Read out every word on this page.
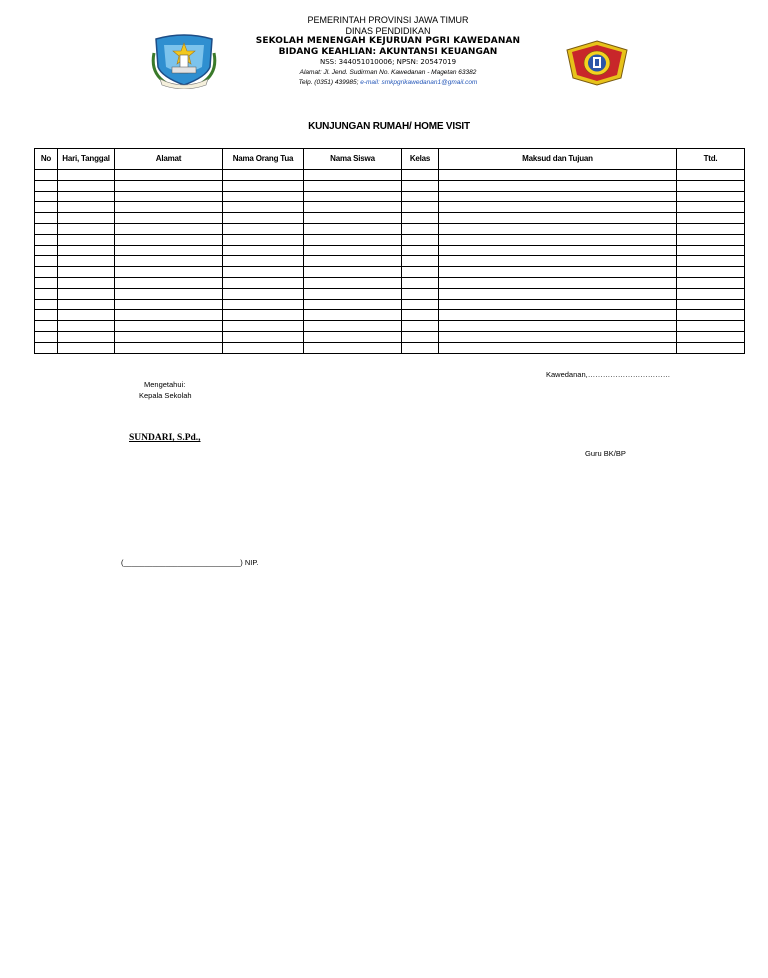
PEMERINTAH PROVINSI JAWA TIMUR
DINAS PENDIDIKAN
SEKOLAH MENENGAH KEJURUAN PGRI KAWEDANAN
BIDANG KEAHLIAN: AKUNTANSI KEUANGAN
NSS: 344051010006; NPSN: 20547019
Alamat: Jl. Jend. Sudirman No. Kawedanan - Magetan 63382
Telp. (0351) 439985; e-mail: smkpgrikawedanan1@gmail.com
KUNJUNGAN RUMAH/ HOME VISIT
No	Hari, Tanggal	Alamat	Nama Orang Tua	Nama Siswa	Kelas	Maksud dan Tujuan	Ttd.

Kawedanan,……………………………
Mengetahui:
Kepala Sekolah
SUNDARI, S.Pd.,
Guru BK/BP
(____________________________) NIP.
